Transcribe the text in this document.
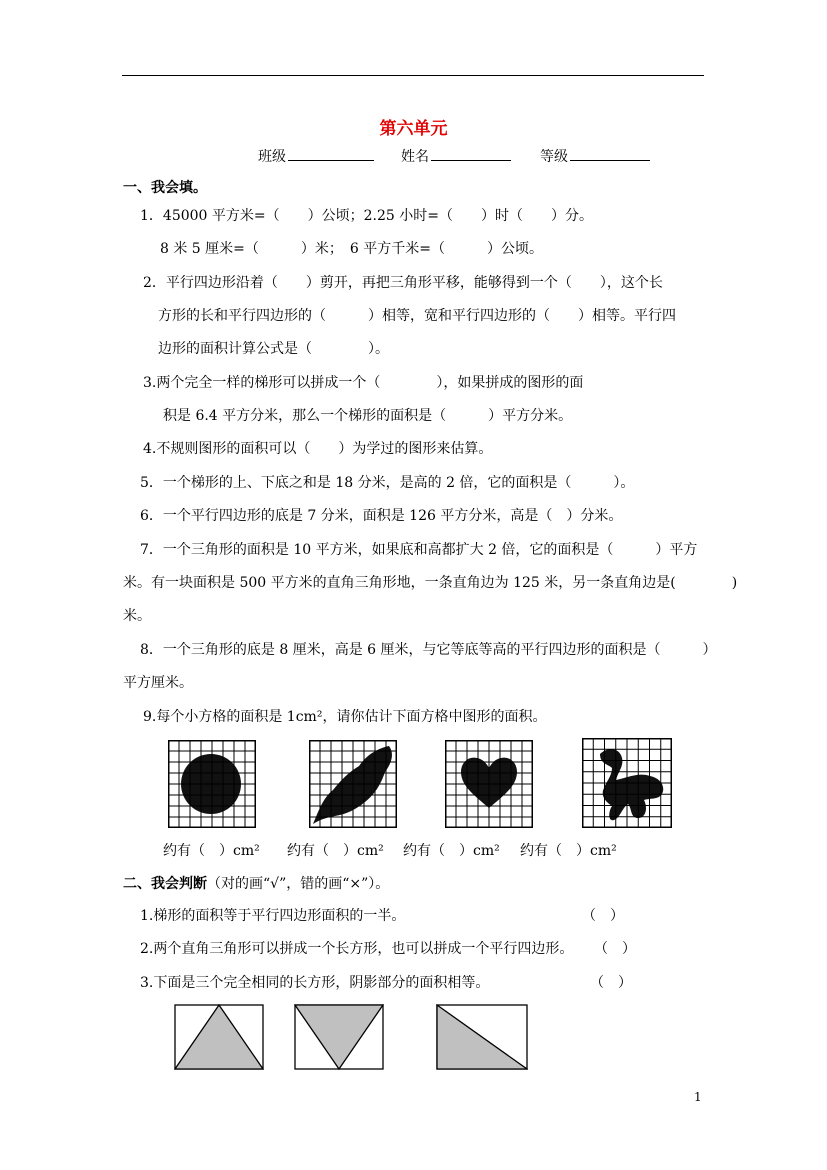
第六单元
班级	姓名	等级
一、我会填。
1．45000 平方米=（　　）公顷；2.25 小时=（　　）时（　　）分。
8 米 5 厘米=（　　　）米；　6 平方千米=（　　　）公顷。
2．平行四边形沿着（　　）剪开，再把三角形平移，能够得到一个（　　），这个长
方形的长和平行四边形的（　　　）相等，宽和平行四边形的（　　）相等。平行四
边形的面积计算公式是（　　　　）。
3.两个完全一样的梯形可以拼成一个（　　　　），如果拼成的图形的面
积是 6.4 平方分米，那么一个梯形的面积是（　　　）平方分米。
4.不规则图形的面积可以（　　）为学过的图形来估算。
5．一个梯形的上、下底之和是 18 分米，是高的 2 倍，它的面积是（　　　）。
6．一个平行四边形的底是 7 分米，面积是 126 平方分米，高是（　）分米。
7．一个三角形的面积是 10 平方米，如果底和高都扩大 2 倍，它的面积是（　　　）平方
米。有一块面积是 500 平方米的直角三角形地，一条直角边为 125 米，另一条直角边是(　　　　)
米。
8．一个三角形的底是 8 厘米，高是 6 厘米，与它等底等高的平行四边形的面积是（　　　）
平方厘米。
9.每个小方格的面积是 1cm²，请你估计下面方格中图形的面积。
约有（　）cm² 约有（　）cm² 约有（　）cm² 约有（　）cm²
二、我会判断（对的画“√”，错的画“×”）。
1.梯形的面积等于平行四边形面积的一半。	（　）
2.两个直角三角形可以拼成一个长方形，也可以拼成一个平行四边形。 （　）
3.下面是三个完全相同的长方形，阴影部分的面积相等。	（　）
1
